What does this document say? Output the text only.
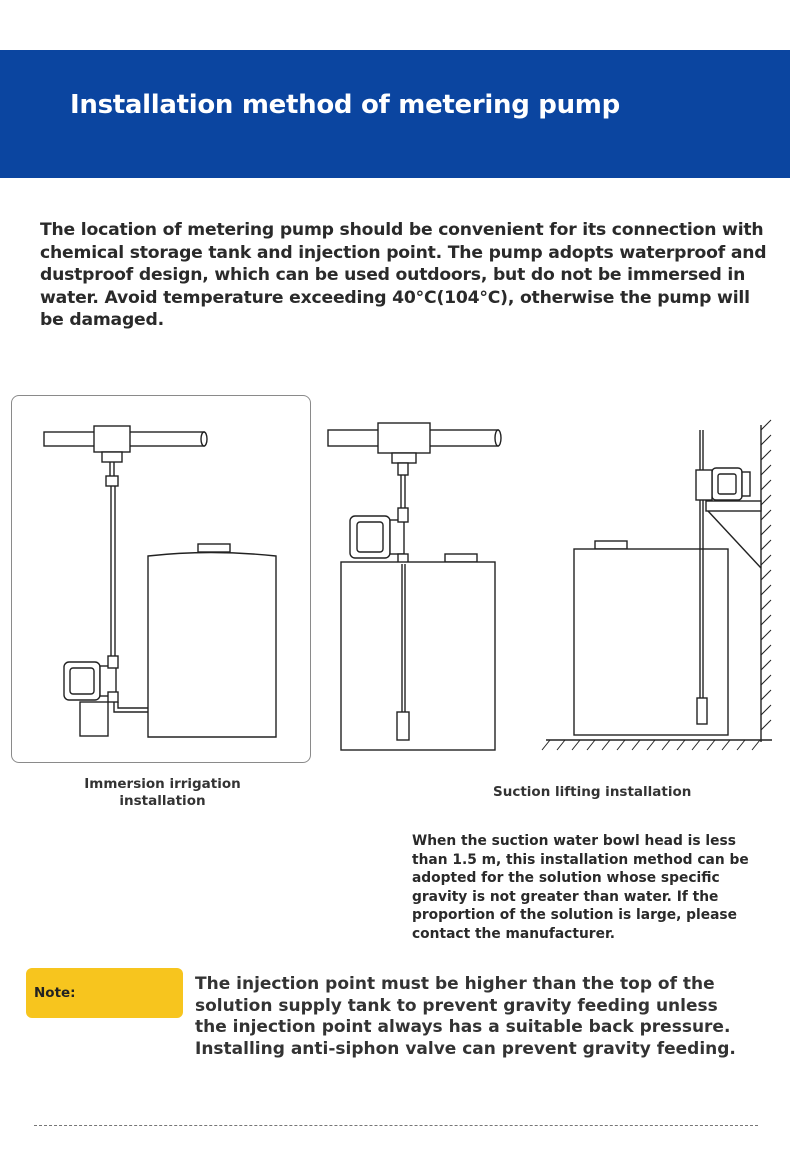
Installation method of metering pump

The location of metering pump should be convenient for its connection with chemical storage tank and injection point. The pump adopts waterproof and dustproof design, which can be used outdoors, but do not be immersed in water. Avoid temperature exceeding 40°C(104°C), otherwise the pump will be damaged.

Immersion irrigation installation
Suction lifting installation

When the suction water bowl head is less than 1.5 m, this installation method can be adopted for the solution whose specific gravity is not greater than water. If the proportion of the solution is large, please contact the manufacturer.

Note:	The injection point must be higher than the top of the solution supply tank to prevent gravity feeding unless the injection point always has a suitable back pressure. Installing anti-siphon valve can prevent gravity feeding.
